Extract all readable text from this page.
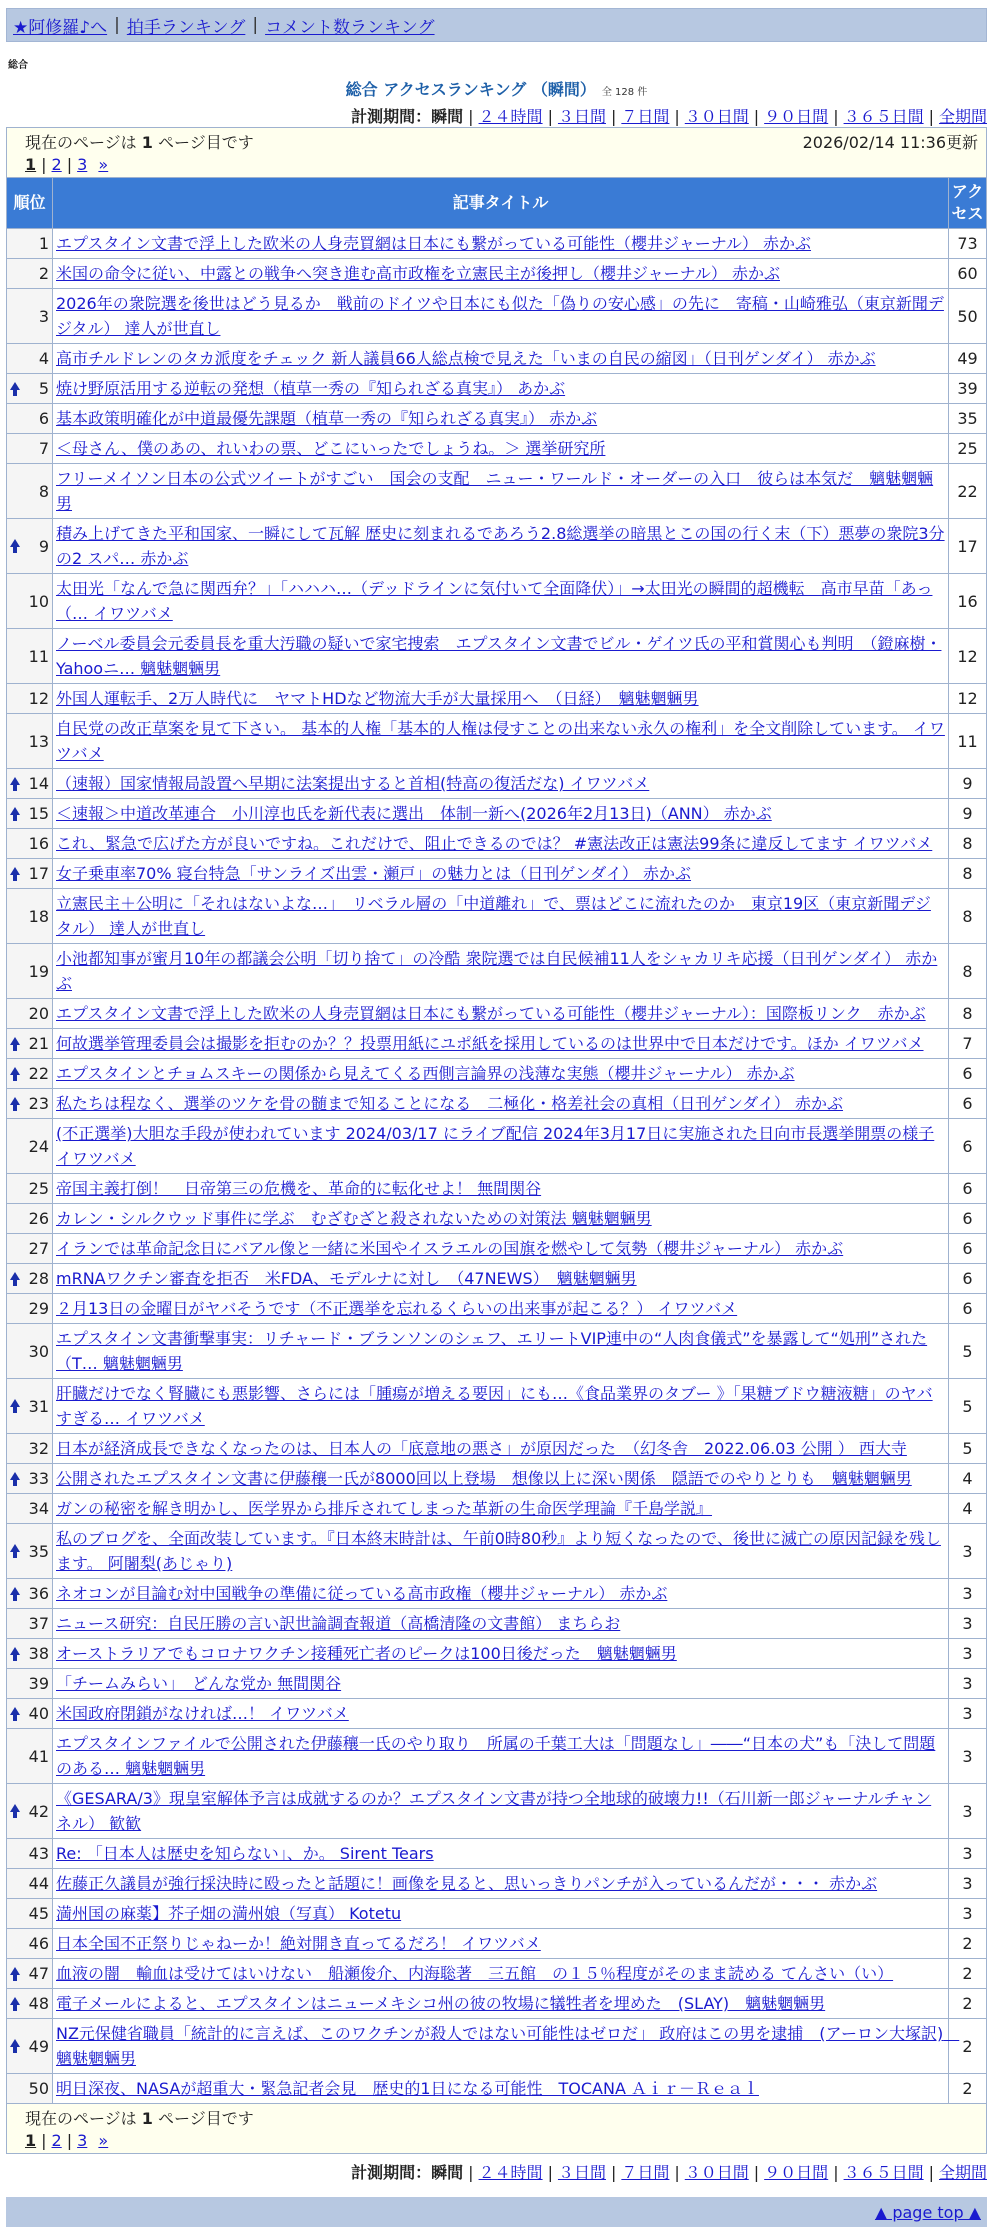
★阿修羅♪へ | 拍手ランキング | コメント数ランキング
総合
総合 アクセスランキング （瞬間） 全 128 件
計測期間：瞬間 | ２４時間 | ３日間 | ７日間 | ３０日間 | ９０日間 | ３６５日間 | 全期間
現在のページは 1 ページ目です	2026/02/14 11:36更新
1 | 2 | 3 »
順位	記事タイトル	アクセス
1	エプスタイン文書で浮上した欧米の人身売買網は日本にも繋がっている可能性（櫻井ジャーナル） 赤かぶ	73
2	米国の命令に従い、中露との戦争へ突き進む高市政権を立憲民主が後押し（櫻井ジャーナル） 赤かぶ	60
3	2026年の衆院選を後世はどう見るか　戦前のドイツや日本にも似た「偽りの安心感」の先に　寄稿・山崎雅弘（東京新聞デジタル） 達人が世直し	50
4	高市チルドレンのタカ派度をチェック 新人議員66人総点検で見えた「いまの自民の縮図」（日刊ゲンダイ） 赤かぶ	49

5	焼け野原活用する逆転の発想（植草一秀の『知られざる真実』） あかぶ	39
6	基本政策明確化が中道最優先課題（植草一秀の『知られざる真実』） 赤かぶ	35
7	＜母さん、僕のあの、れいわの票、どこにいったでしょうね。＞ 選挙研究所	25
8	フリーメイソン日本の公式ツイートがすごい　国会の支配　ニュー・ワールド・オーダーの入口　彼らは本気だ　魑魅魍魎男	22

9	積み上げてきた平和国家、一瞬にして瓦解 歴史に刻まれるであろう2.8総選挙の暗黒とこの国の行く末（下）悪夢の衆院3分の2 スパ… 赤かぶ	17
10	太田光「なんで急に関西弁？」「ハハハ…（デッドラインに気付いて全面降伏）」→太田光の瞬間的超機転　高市早苗「あっ（… イワツバメ	16
11	ノーベル委員会元委員長を重大汚職の疑いで家宅捜索　エプスタイン文書でビル・ゲイツ氏の平和賞関心も判明　（鐙麻樹・Yahooニ… 魑魅魍魎男	12
12	外国人運転手、2万人時代に　ヤマトHDなど物流大手が大量採用へ　（日経）　魑魅魍魎男	12
13	自民党の改正草案を見て下さい。 基本的人権「基本的人権は侵すことの出来ない永久の権利」を全文削除しています。 イワツバメ	11

14	（速報）国家情報局設置へ早期に法案提出すると首相(特高の復活だな) イワツバメ	9

15	＜速報＞中道改革連合　小川淳也氏を新代表に選出　体制一新へ(2026年2月13日)（ANN） 赤かぶ	9
16	これ、緊急で広げた方が良いですね。これだけで、阻止できるのでは？ #憲法改正は憲法99条に違反してます イワツバメ	8

17	女子乗車率70% 寝台特急「サンライズ出雲・瀬戸」の魅力とは（日刊ゲンダイ） 赤かぶ	8
18	立憲民主＋公明に「それはないよな…」　リベラル層の「中道離れ」で、票はどこに流れたのか　東京19区（東京新聞デジタル） 達人が世直し	8
19	小池都知事が蜜月10年の都議会公明「切り捨て」の冷酷 衆院選では自民候補11人をシャカリキ応援（日刊ゲンダイ） 赤かぶ	8
20	エプスタイン文書で浮上した欧米の人身売買網は日本にも繋がっている可能性（櫻井ジャーナル）：国際板リンク　赤かぶ	8

21	何故選挙管理委員会は撮影を拒むのか？？投票用紙にユポ紙を採用しているのは世界中で日本だけです。ほか イワツバメ	7

22	エプスタインとチョムスキーの関係から見えてくる西側言論界の浅薄な実態（櫻井ジャーナル） 赤かぶ	6

23	私たちは程なく、選挙のツケを骨の髄まで知ることになる　二極化・格差社会の真相（日刊ゲンダイ） 赤かぶ	6
24	(不正選挙)大胆な手段が使われています 2024/03/17 にライブ配信 2024年3月17日に実施された日向市長選挙開票の様子 イワツバメ	6
25	帝国主義打倒！　日帝第三の危機を、革命的に転化せよ！ 無間関谷	6
26	カレン・シルクウッド事件に学ぶ　むざむざと殺されないための対策法 魑魅魍魎男	6
27	イランでは革命記念日にバアル像と一緒に米国やイスラエルの国旗を燃やして気勢（櫻井ジャーナル） 赤かぶ	6

28	mRNAワクチン審査を拒否　米FDA、モデルナに対し　（47NEWS）　魑魅魍魎男	6
29	２月13日の金曜日がヤバそうです（不正選挙を忘れるくらいの出来事が起こる？） イワツバメ	6
30	エプスタイン文書衝撃事実：リチャード・ブランソンのシェフ、エリートVIP連中の“人肉食儀式”を暴露して“処刑”された（T… 魑魅魍魎男	5

31	肝臓だけでなく腎臓にも悪影響、さらには「腫瘍が増える要因」にも…《食品業界のタブー 》「果糖ブドウ糖液糖」のヤバすぎる… イワツバメ	5
32	日本が経済成長できなくなったのは、日本人の「底意地の悪さ」が原因だった　（幻冬舎　2022.06.03 公開 ） 西大寺	5

33	公開されたエプスタイン文書に伊藤穰一氏が8000回以上登場　想像以上に深い関係　隠語でのやりとりも　魑魅魍魎男	4
34	ガンの秘密を解き明かし、医学界から排斥されてしまった革新の生命医学理論『千島学説』	4

35	私のブログを、全面改装しています。『日本終末時計は、午前0時80秒』より短くなったので、後世に滅亡の原因記録を残します。 阿闍梨(あじゃり)	3

36	ネオコンが目論む対中国戦争の準備に従っている高市政権（櫻井ジャーナル） 赤かぶ	3
37	ニュース研究：自民圧勝の言い訳世論調査報道（高橋清隆の文書館） まちらお	3

38	オーストラリアでもコロナワクチン接種死亡者のピークは100日後だった　魑魅魍魎男	3
39	「チームみらい」　どんな党か 無間関谷	3

40	米国政府閉鎖がなければ…！ イワツバメ	3
41	エプスタインファイルで公開された伊藤穰一氏のやり取り　所属の千葉工大は「問題なし」――“日本の犬”も「決して問題のある… 魑魅魍魎男	3

42	《GESARA/3》現皇室解体予言は成就するのか？エプスタイン文書が持つ全地球的破壊力!!（石川新一郎ジャーナルチャンネル） 歓歓	3
43	Re: 「日本人は歴史を知らない」、か。 Sirent Tears	3
44	佐藤正久議員が強行採決時に殴ったと話題に！画像を見ると、思いっきりパンチが入っているんだが・・・ 赤かぶ	3
45	満州国の麻薬】芥子畑の満州娘（写真） Kotetu	3
46	日本全国不正祭りじゃねーか！絶対開き直ってるだろ！ イワツバメ	2

47	血液の闇　輸血は受けてはいけない　船瀬俊介、内海聡著　三五館　の１５％程度がそのまま読める てんさい（い）	2

48	電子メールによると、エプスタインはニューメキシコ州の彼の牧場に犠牲者を埋めた　(SLAY)　魑魅魍魎男	2

49	NZ元保健省職員「統計的に言えば、このワクチンが殺人ではない可能性はゼロだ」 政府はこの男を逮捕　(アーロン大塚訳)　魑魅魍魎男	2
50	明日深夜、NASAが超重大・緊急記者会見　歴史的1日になる可能性　TOCANA Ａｉｒ－Ｒｅａｌ	2
現在のページは 1 ページ目です
1 | 2 | 3 »
計測期間：瞬間 | ２４時間 | ３日間 | ７日間 | ３０日間 | ９０日間 | ３６５日間 | 全期間
▲ page top ▲
